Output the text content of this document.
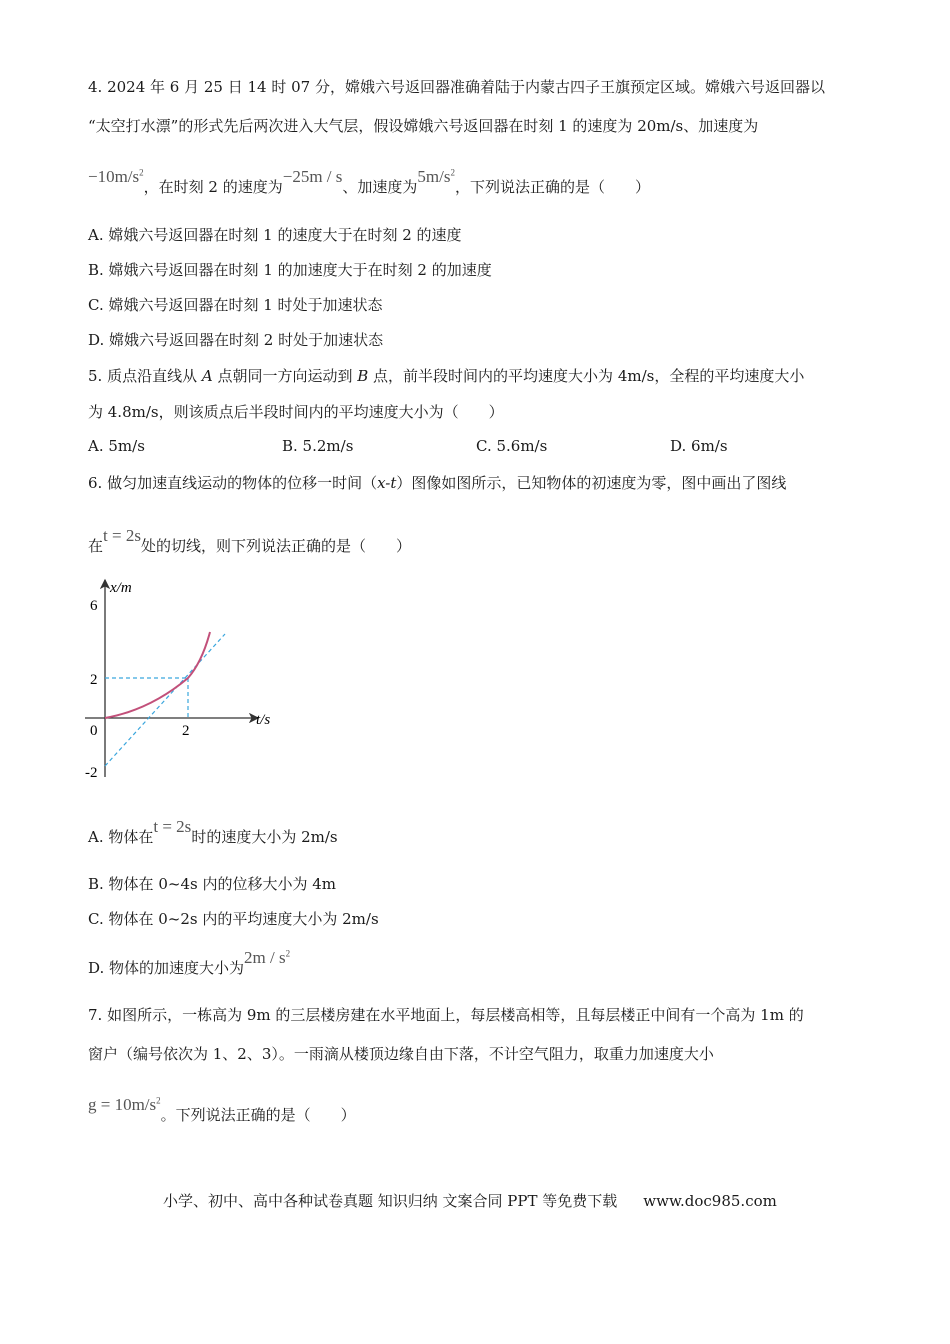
4. 2024 年 6 月 25 日 14 时 07 分，嫦娥六号返回器准确着陆于内蒙古四子王旗预定区域。嫦娥六号返回器以
“太空打水漂”的形式先后两次进入大气层，假设嫦娥六号返回器在时刻 1 的速度为 20m/s、加速度为
$-10m/s^2$，在时刻 2 的速度为−25m / s、加速度为$5m/s^2$，下列说法正确的是（　　）
A. 嫦娥六号返回器在时刻 1 的速度大于在时刻 2 的速度
B. 嫦娥六号返回器在时刻 1 的加速度大于在时刻 2 的加速度
C. 嫦娥六号返回器在时刻 1 时处于加速状态
D. 嫦娥六号返回器在时刻 2 时处于加速状态
5. 质点沿直线从 A 点朝同一方向运动到 B 点，前半段时间内的平均速度大小为 4m/s，全程的平均速度大小
为 4.8m/s，则该质点后半段时间内的平均速度大小为（　　）
A. 5m/s	B. 5.2m/s	C. 5.6m/s	D. 6m/s
6. 做匀加速直线运动的物体的位移一时间（x-t）图像如图所示，已知物体的初速度为零，图中画出了图线
在t = 2s处的切线，则下列说法正确的是（　　）
x/m
t/s
6
2
0
-2
2
A. 物体在t = 2s时的速度大小为 2m/s
B. 物体在 0~4s 内的位移大小为 4m
C. 物体在 0~2s 内的平均速度大小为 2m/s
D. 物体的加速度大小为$2m / s^2$
7. 如图所示，一栋高为 9m 的三层楼房建在水平地面上，每层楼高相等，且每层楼正中间有一个高为 1m 的
窗户（编号依次为 1、2、3）。一雨滴从楼顶边缘自由下落，不计空气阻力，取重力加速度大小
$g = 10m/s^2$。下列说法正确的是（　　）
小学、初中、高中各种试卷真题 知识归纳 文案合同 PPT 等免费下载 www.doc985.com
